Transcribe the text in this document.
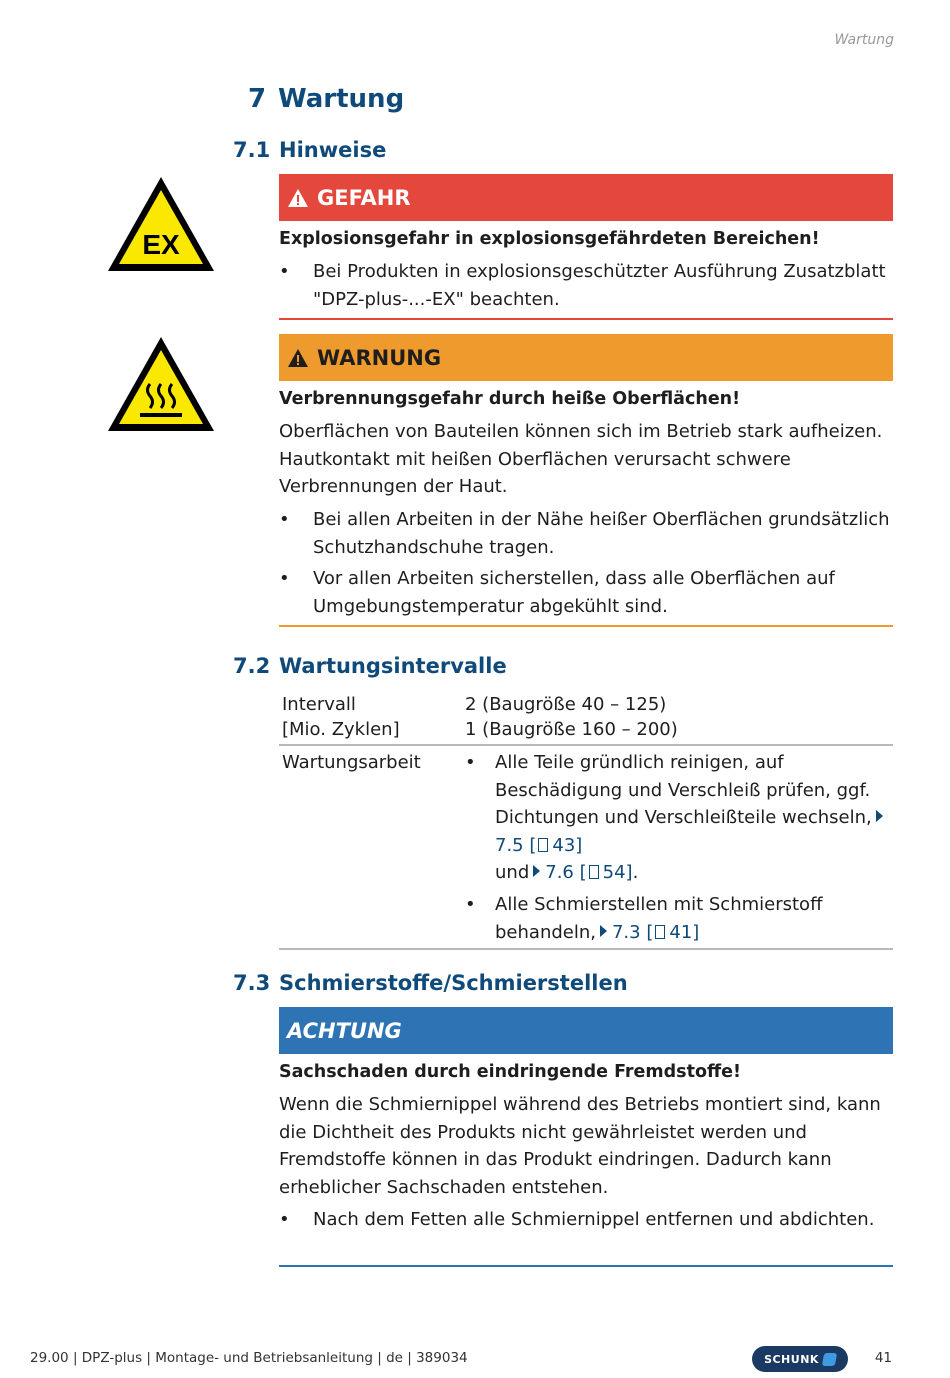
Wartung
7 Wartung
7.1 Hinweise
EX
GEFAHR
Explosionsgefahr in explosionsgefährdeten Bereichen!
• Bei Produkten in explosionsgeschützter Ausführung Zusatzblatt "DPZ-plus-...-EX" beachten.
WARNUNG
Verbrennungsgefahr durch heiße Oberflächen!
Oberflächen von Bauteilen können sich im Betrieb stark aufheizen. Hautkontakt mit heißen Oberflächen verursacht schwere Verbrennungen der Haut.
• Bei allen Arbeiten in der Nähe heißer Oberflächen grundsätzlich Schutzhandschuhe tragen.
• Vor allen Arbeiten sicherstellen, dass alle Oberflächen auf Umgebungstemperatur abgekühlt sind.
7.2 Wartungsintervalle
Intervall
[Mio. Zyklen]
2 (Baugröße 40 – 125)
1 (Baugröße 160 – 200)
Wartungsarbeit • Alle Teile gründlich reinigen, auf Beschädigung und Verschleiß prüfen, ggf. Dichtungen und Verschleißteile wechseln,7.5 [ 43]
und 7.6 [ 54].
• Alle Schmierstellen mit Schmierstoff behandeln, 7.3 [ 41]
7.3 Schmierstoffe/Schmierstellen
ACHTUNG
Sachschaden durch eindringende Fremdstoffe!
Wenn die Schmiernippel während des Betriebs montiert sind, kann die Dichtheit des Produkts nicht gewährleistet werden und Fremdstoffe können in das Produkt eindringen. Dadurch kann erheblicher Sachschaden entstehen.
• Nach dem Fetten alle Schmiernippel entfernen und abdichten.
29.00 | DPZ-plus | Montage- und Betriebsanleitung | de | 389034	SCHUNK	41
